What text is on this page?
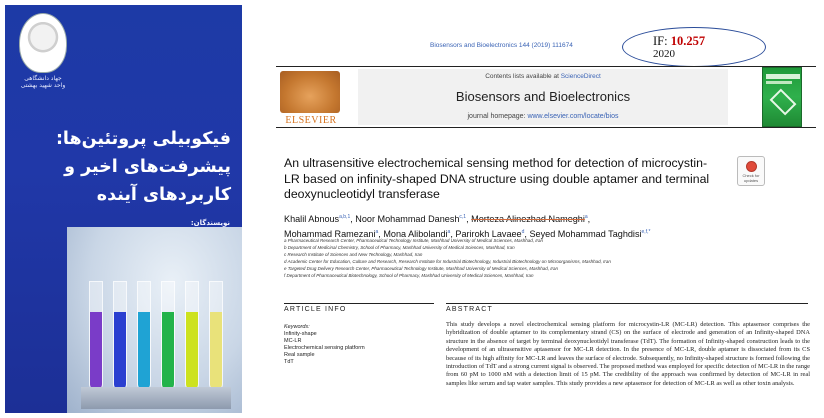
جهاد دانشگاهی
واحد شهید بهشتی
فیکوبیلی پروتئین‌ها:
پیشرفت‌های اخیر و
کاربردهای آینده
نویسندگان:
Biosensors and Bioelectronics 144 (2019) 111674	IF: 10.257
2020
ELSEVIER
Contents lists available at ScienceDirect
Biosensors and Bioelectronics
journal homepage: www.elsevier.com/locate/bios
An ultrasensitive electrochemical sensing method for detection of microcystin-LR based on infinity-shaped DNA structure using double aptamer and terminal deoxynucleotidyl transferase
Check for updates
Khalil Abnous$^{a,b,1}$, Noor Mohammad Danesh$^{c,1}$, Morteza Alinezhad Nameghi$^a$,
Mohammad Ramezani$^a$, Mona Alibolandi$^a$, Parirokh Lavaee$^d$, Seyed Mohammad Taghdisi$^{e,f,*}$
a Pharmaceutical Research Center, Pharmaceutical Technology Institute, Mashhad University of Medical Sciences, Mashhad, Iran
b Department of Medicinal Chemistry, School of Pharmacy, Mashhad University of Medical Sciences, Mashhad, Iran
c Research Institute of Sciences and New Technology, Mashhad, Iran
d Academic Center for Education, Culture and Research, Research Institute for Industrial Biotechnology, Industrial Biotechnology on Microorganisms, Mashhad, Iran
e Targeted Drug Delivery Research Center, Pharmaceutical Technology Institute, Mashhad University of Medical Sciences, Mashhad, Iran
f Department of Pharmaceutical Biotechnology, School of Pharmacy, Mashhad University of Medical Sciences, Mashhad, Iran
ARTICLE INFO	ABSTRACT
Keywords:
Infinity-shape
MC-LR
Electrochemical sensing platform
Real sample
TdT
This study develops a novel electrochemical sensing platform for microcystin-LR (MC-LR) detection. This aptasensor comprises the hybridization of double aptamer to its complementary strand (CS) on the surface of electrode and generation of an Infinity-shaped DNA structure in the absence of target by terminal deoxynucleotidyl transferase (TdT). The formation of Infinity-shaped construction leads to the development of an ultrasensitive aptasensor for MC-LR detection. In the presence of MC-LR, double aptamer is dissociated from its CS because of its high affinity for MC-LR and leaves the surface of electrode. Subsequently, no Infinity-shaped structure is formed following the introduction of TdT and a strong current signal is observed. The proposed method was employed for specific detection of MC-LR in the range from 60 pM to 1000 nM with a detection limit of 15 pM. The credibility of the approach was confirmed by detection of MC-LR in real samples like serum and tap water samples. This study provides a new aptasensor for detection of MC-LR as well as other toxin analysis.
